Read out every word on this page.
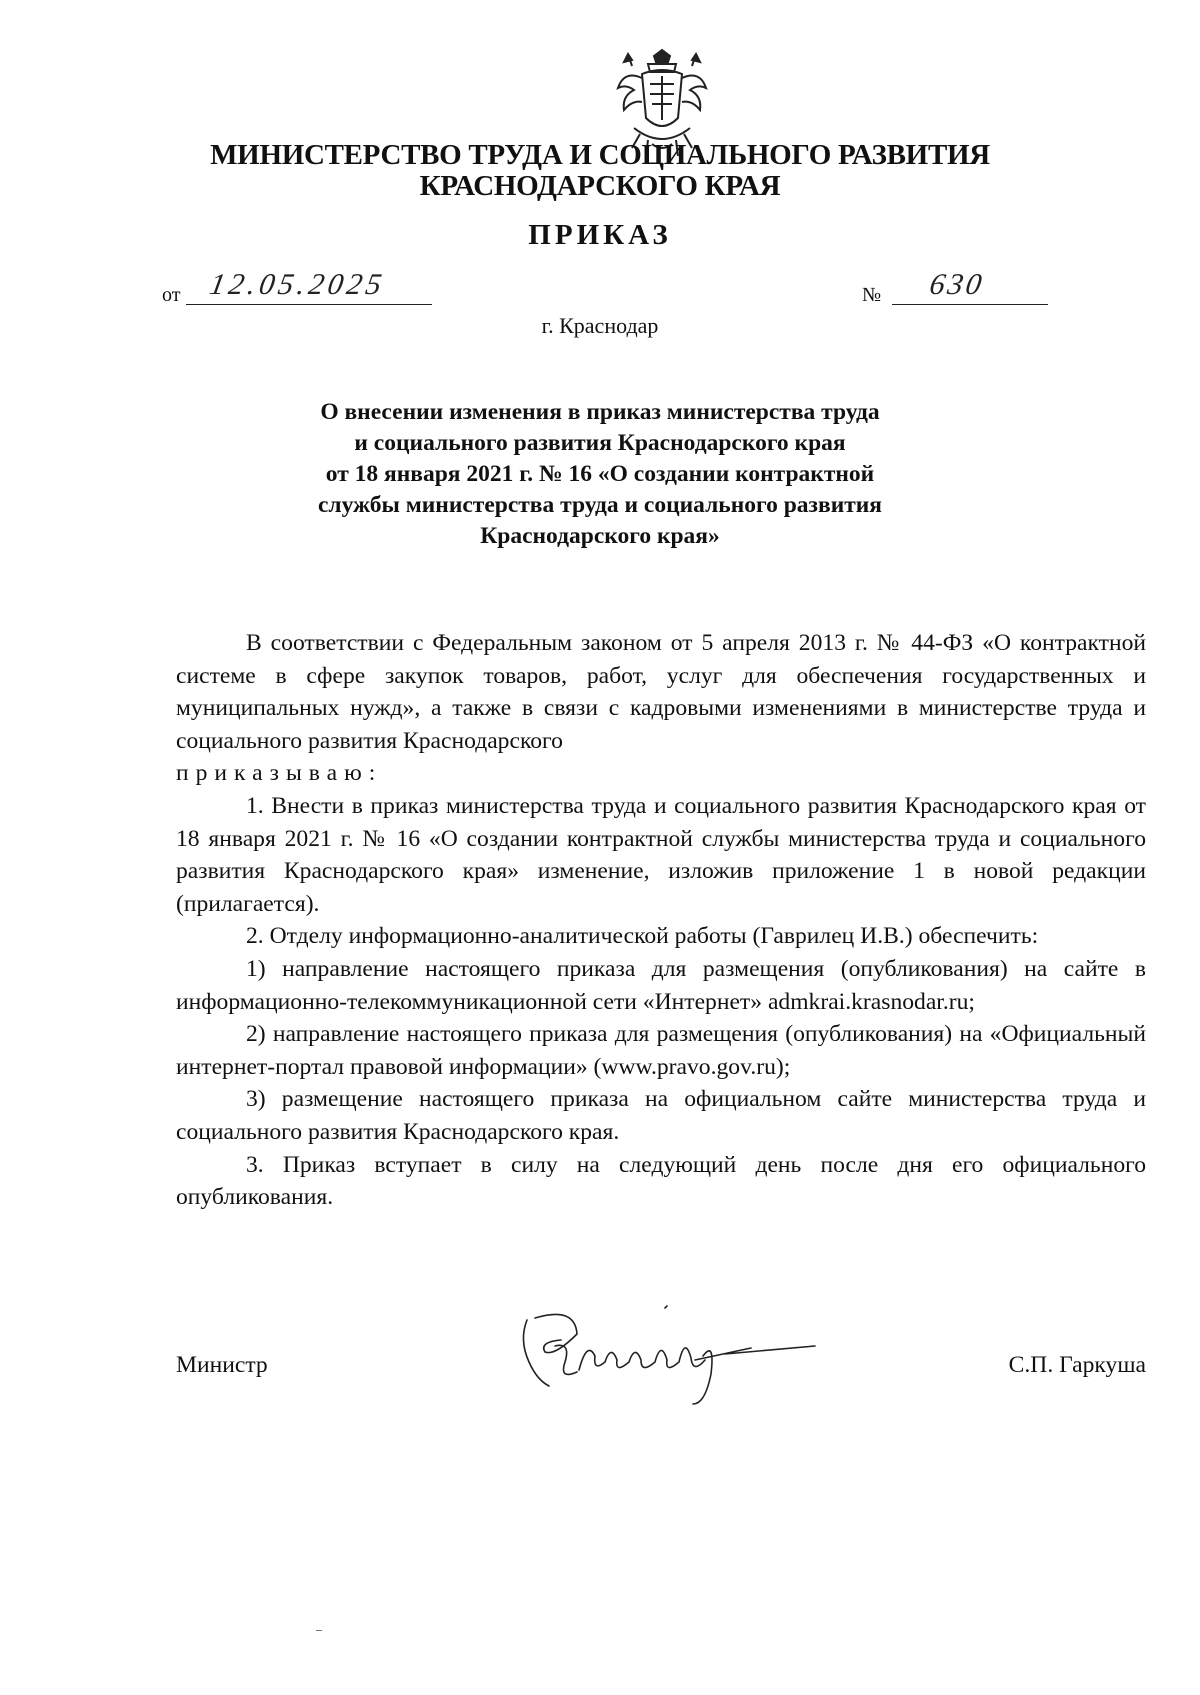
МИНИСТЕРСТВО ТРУДА И СОЦИАЛЬНОГО РАЗВИТИЯ
КРАСНОДАРСКОГО КРАЯ
ПРИКАЗ
от 12.05.2025	№ 630
г. Краснодар
О внесении изменения в приказ министерства труда
и социального развития Краснодарского края
от 18 января 2021 г. № 16 «О создании контрактной
службы министерства труда и социального развития
Краснодарского края»

В соответствии с Федеральным законом от 5 апреля 2013 г. № 44-ФЗ «О контрактной системе в сфере закупок товаров, работ, услуг для обеспечения государственных и муниципальных нужд», а также в связи с кадровыми изменениями в министерстве труда и социального развития Краснодарского

приказываю:

1. Внести в приказ министерства труда и социального развития Краснодарского края от 18 января 2021 г. № 16 «О создании контрактной службы министерства труда и социального развития Краснодарского края» изменение, изложив приложение 1 в новой редакции (прилагается).

2. Отделу информационно-аналитической работы (Гаврилец И.В.) обеспечить:

1) направление настоящего приказа для размещения (опубликования) на сайте в информационно-телекоммуникационной сети «Интернет» admkrai.krasnodar.ru;

2) направление настоящего приказа для размещения (опубликования) на «Официальный интернет-портал правовой информации» (www.pravo.gov.ru);

3) размещение настоящего приказа на официальном сайте министерства труда и социального развития Краснодарского края.

3. Приказ вступает в силу на следующий день после дня его официального опубликования.

Министр	С.П. Гаркуша
